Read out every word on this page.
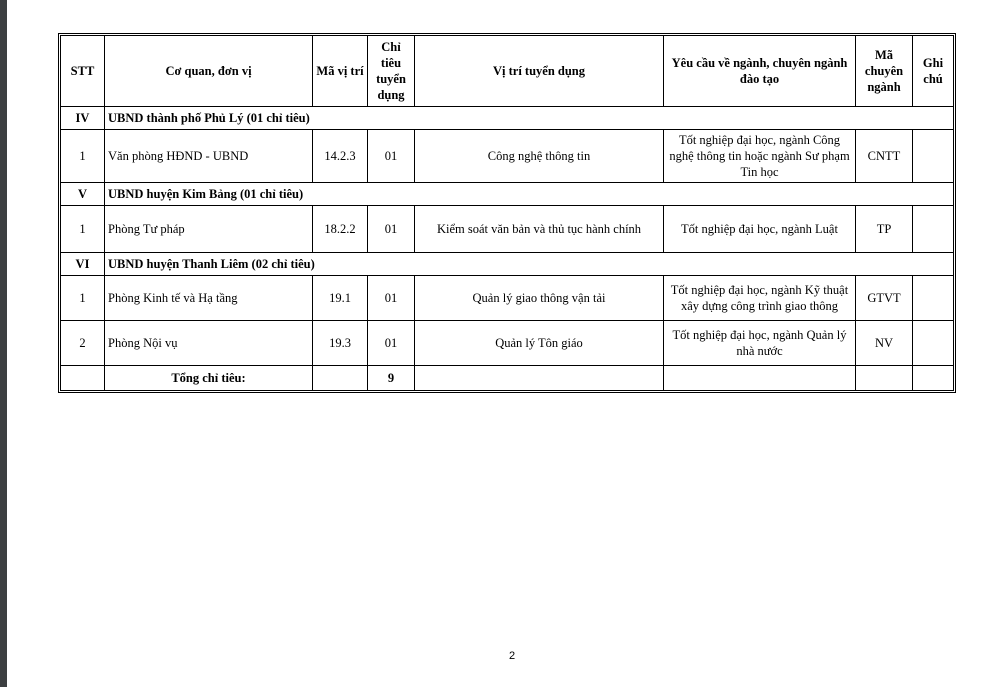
STT	Cơ quan, đơn vị	Mã vị trí	Chỉ tiêu tuyển dụng	Vị trí tuyển dụng	Yêu cầu về ngành, chuyên ngành đào tạo	Mã chuyên ngành	Ghi chú
IV	UBND thành phố Phủ Lý (01 chỉ tiêu)						
1	Văn phòng HĐND - UBND	14.2.3	01	Công nghệ thông tin	Tốt nghiệp đại học, ngành Công nghệ thông tin hoặc ngành Sư phạm Tin học	CNTT	
V	UBND huyện Kim Bảng (01 chỉ tiêu)						
1	Phòng Tư pháp	18.2.2	01	Kiểm soát văn bản và thủ tục hành chính	Tốt nghiệp đại học, ngành Luật	TP	
VI	UBND huyện Thanh Liêm (02 chỉ tiêu)						
1	Phòng Kinh tế và Hạ tầng	19.1	01	Quản lý giao thông vận tải	Tốt nghiệp đại học, ngành Kỹ thuật xây dựng công trình giao thông	GTVT	
2	Phòng Nội vụ	19.3	01	Quản lý Tôn giáo	Tốt nghiệp đại học, ngành Quản lý nhà nước	NV	
	Tổng chỉ tiêu:		9				
2
